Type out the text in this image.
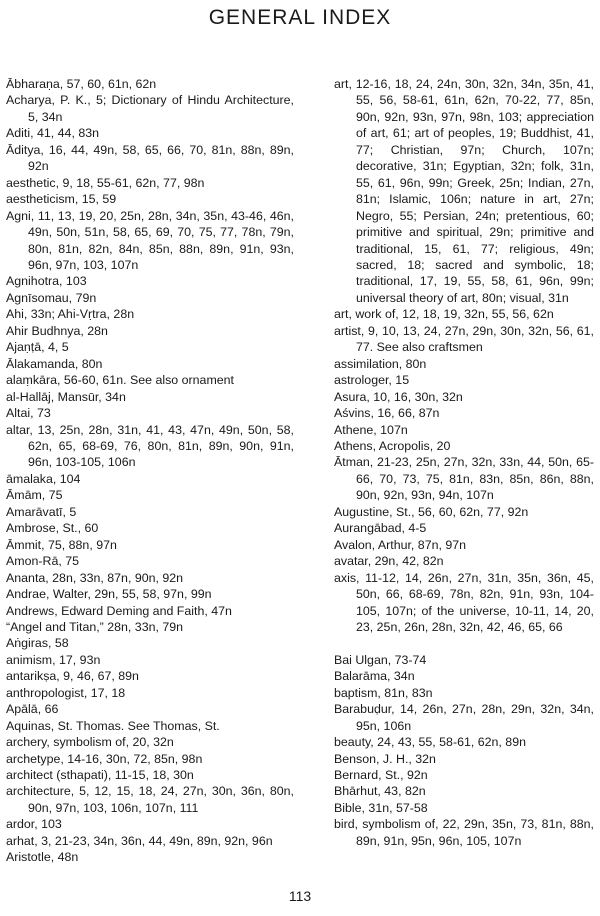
GENERAL INDEX
Ābharaṇa, 57, 60, 61n, 62n
Acharya, P. K., 5; Dictionary of Hindu Architecture, 5, 34n
Aditi, 41, 44, 83n
Āditya, 16, 44, 49n, 58, 65, 66, 70, 81n, 88n, 89n, 92n
aesthetic, 9, 18, 55-61, 62n, 77, 98n
aestheticism, 15, 59
Agni, 11, 13, 19, 20, 25n, 28n, 34n, 35n, 43-46, 46n, 49n, 50n, 51n, 58, 65, 69, 70, 75, 77, 78n, 79n, 80n, 81n, 82n, 84n, 85n, 88n, 89n, 91n, 93n, 96n, 97n, 103, 107n
Agnihotra, 103
Agnīsomau, 79n
Ahi, 33n; Ahi-Vṛtra, 28n
Ahir Budhnya, 28n
Ajaṇṭā, 4, 5
Ālakamanda, 80n
alaṃkāra, 56-60, 61n. See also ornament
al-Hallāj, Mansūr, 34n
Altai, 73
altar, 13, 25n, 28n, 31n, 41, 43, 47n, 49n, 50n, 58, 62n, 65, 68-69, 76, 80n, 81n, 89n, 90n, 91n, 96n, 103-105, 106n
āmalaka, 104
Āmām, 75
Amarāvatī, 5
Ambrose, St., 60
Āmmit, 75, 88n, 97n
Amon-Rā, 75
Ananta, 28n, 33n, 87n, 90n, 92n
Andrae, Walter, 29n, 55, 58, 97n, 99n
Andrews, Edward Deming and Faith, 47n
“Angel and Titan,” 28n, 33n, 79n
Aṅgiras, 58
animism, 17, 93n
antarikṣa, 9, 46, 67, 89n
anthropologist, 17, 18
Apālā, 66
Aquinas, St. Thomas. See Thomas, St.
archery, symbolism of, 20, 32n
archetype, 14-16, 30n, 72, 85n, 98n
architect (sthapati), 11-15, 18, 30n
architecture, 5, 12, 15, 18, 24, 27n, 30n, 36n, 80n, 90n, 97n, 103, 106n, 107n, 111
ardor, 103
arhat, 3, 21-23, 34n, 36n, 44, 49n, 89n, 92n, 96n
Aristotle, 48n
art, 12-16, 18, 24, 24n, 30n, 32n, 34n, 35n, 41, 55, 56, 58-61, 61n, 62n, 70-22, 77, 85n, 90n, 92n, 93n, 97n, 98n, 103; appreciation of art, 61; art of peoples, 19; Buddhist, 41, 77; Christian, 97n; Church, 107n; decorative, 31n; Egyptian, 32n; folk, 31n, 55, 61, 96n, 99n; Greek, 25n; Indian, 27n, 81n; Islamic, 106n; nature in art, 27n; Negro, 55; Persian, 24n; pretentious, 60; primitive and spiritual, 29n; primitive and traditional, 15, 61, 77; religious, 49n; sacred, 18; sacred and symbolic, 18; traditional, 17, 19, 55, 58, 61, 96n, 99n; universal theory of art, 80n; visual, 31n
art, work of, 12, 18, 19, 32n, 55, 56, 62n
artist, 9, 10, 13, 24, 27n, 29n, 30n, 32n, 56, 61, 77. See also craftsmen
assimilation, 80n
astrologer, 15
Asura, 10, 16, 30n, 32n
Aśvins, 16, 66, 87n
Athene, 107n
Athens, Acropolis, 20
Ātman, 21-23, 25n, 27n, 32n, 33n, 44, 50n, 65-66, 70, 73, 75, 81n, 83n, 85n, 86n, 88n, 90n, 92n, 93n, 94n, 107n
Augustine, St., 56, 60, 62n, 77, 92n
Aurangābad, 4-5
Avalon, Arthur, 87n, 97n
avatar, 29n, 42, 82n
axis, 11-12, 14, 26n, 27n, 31n, 35n, 36n, 45, 50n, 66, 68-69, 78n, 82n, 91n, 93n, 104-105, 107n; of the universe, 10-11, 14, 20, 23, 25n, 26n, 28n, 32n, 42, 46, 65, 66
Bai Ulgan, 73-74
Balarāma, 34n
baptism, 81n, 83n
Barabuḍur, 14, 26n, 27n, 28n, 29n, 32n, 34n, 95n, 106n
beauty, 24, 43, 55, 58-61, 62n, 89n
Benson, J. H., 32n
Bernard, St., 92n
Bhārhut, 43, 82n
Bible, 31n, 57-58
bird, symbolism of, 22, 29n, 35n, 73, 81n, 88n, 89n, 91n, 95n, 96n, 105, 107n
113
